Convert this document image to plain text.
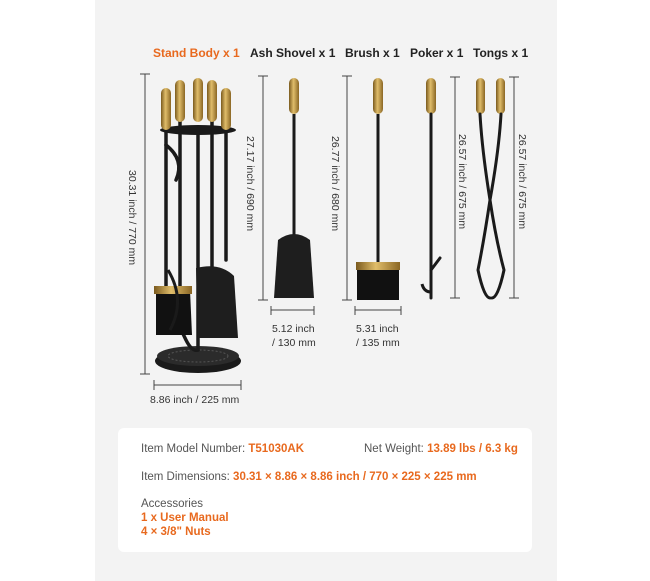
Stand Body x 1 Ash Shovel x 1 Brush x 1 Poker x 1 Tongs x 1
30.31 inch / 770 mm
8.86 inch / 225 mm
27.17 inch / 690 mm	26.77 inch / 680 mm	26.57 inch / 675 mm	26.57 inch / 675 mm
5.12 inch
/ 130 mm
5.31 inch
/ 135 mm
Item Model Number: T51030AK	Net Weight: 13.89 lbs / 6.3 kg
Item Dimensions: 30.31 × 8.86 × 8.86 inch / 770 × 225 × 225 mm
Accessories
1 x User Manual
4 × 3/8" Nuts
